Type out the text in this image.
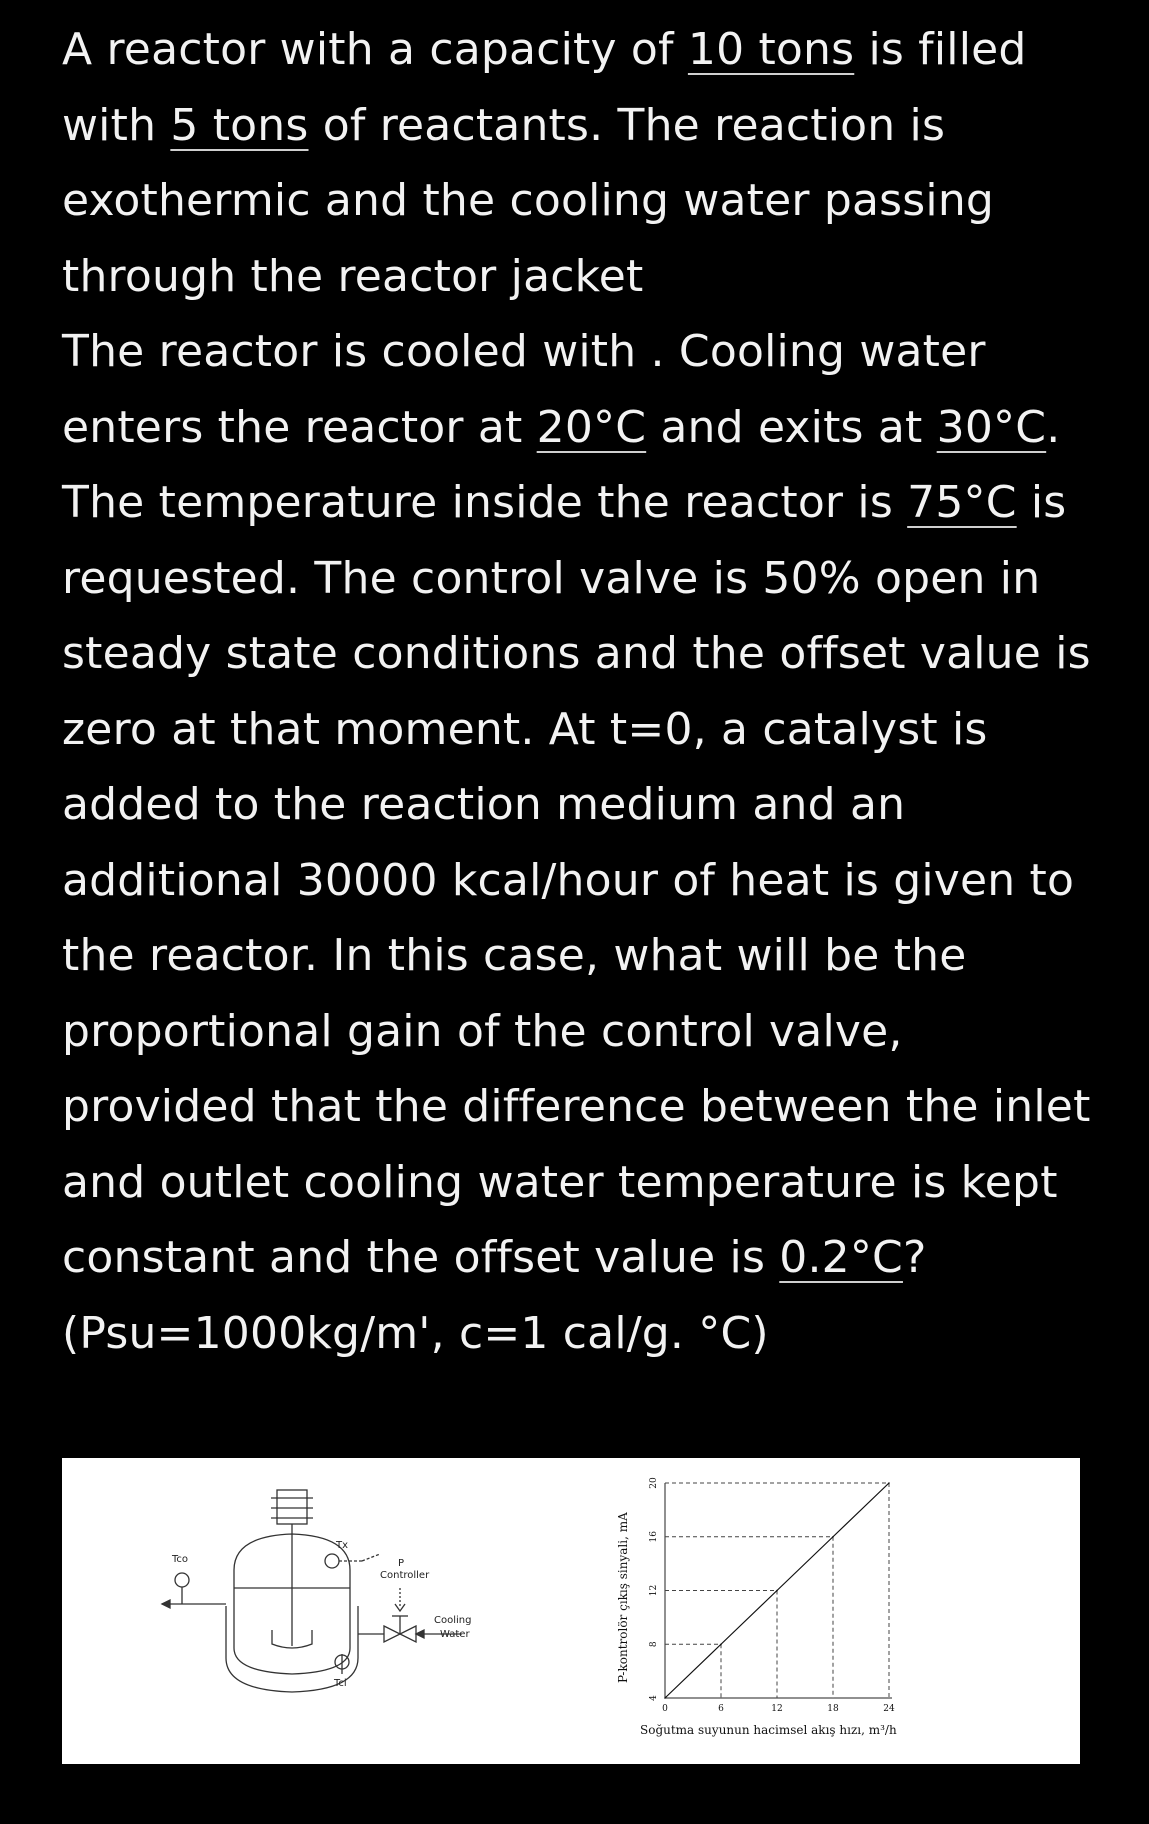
A reactor with a capacity of 10 tons is filled with 5 tons of reactants. The reaction is exothermic and the cooling water passing through the reactor jacket

The reactor is cooled with . Cooling water enters the reactor at 20°C and exits at 30°C. The temperature inside the reactor is 75°C is requested. The control valve is 50% open in steady state conditions and the offset value is zero at that moment. At t=0, a catalyst is added to the reaction medium and an additional 30000 kcal/hour of heat is given to the reactor. In this case, what will be the proportional gain of the control valve, provided that the difference between the inlet and outlet cooling water temperature is kept constant and the offset value is 0.2°C?

(Psu=1000kg/m', c=1 cal/g. °C)

Tco
Tci
Tx
P
Controller
Cooling
Water
0	6	12	18	24
4
8
12
16
20
P-kontrolör çıkış sinyali, mA
Soğutma suyunun hacimsel akış hızı, m³/h
